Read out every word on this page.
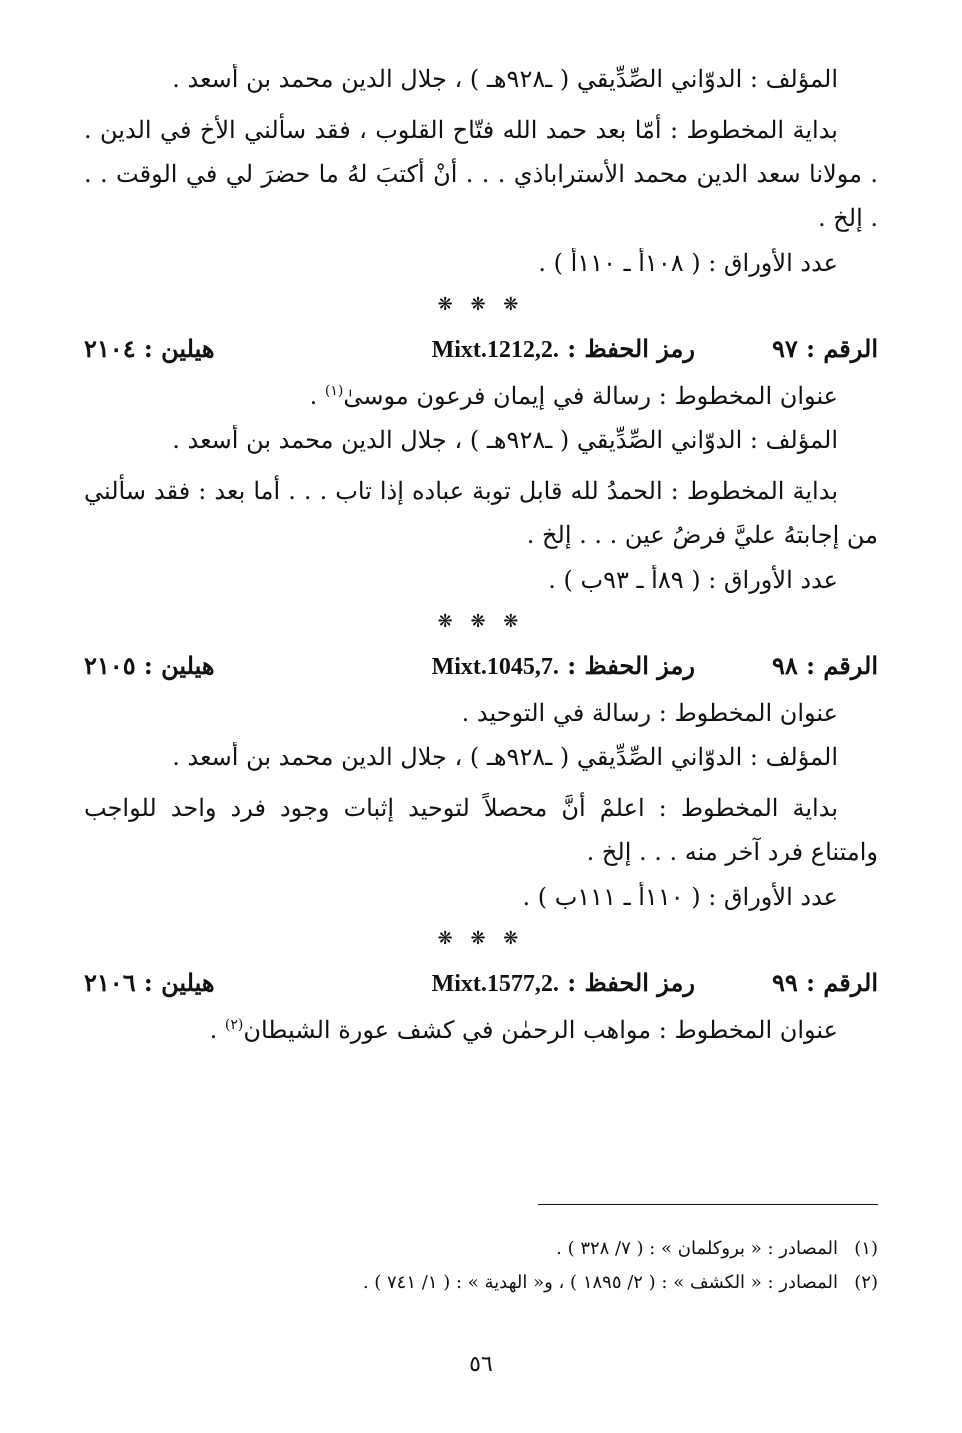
المؤلف : الدوّاني الصِّدِّيقي ( ـ٩٢٨هـ ) ، جلال الدين محمد بن أسعد .
بداية المخطوط : أمّا بعد حمد الله فتّاح القلوب ، فقد سألني الأخ في الدين . . مولانا سعد الدين محمد الأستراباذي . . . أنْ أكتبَ لهُ ما حضرَ لي في الوقت . . . إلخ .
عدد الأوراق : ( ١٠٨أ ـ ١١٠أ ) .
❋ ❋ ❋
الرقم : ٩٧
رمز الحفظ : Mixt.1212,2.
هيلين : ٢١٠٤
عنوان المخطوط : رسالة في إيمان فرعون موسىٰ$^{(١)}$ .
المؤلف : الدوّاني الصِّدِّيقي ( ـ٩٢٨هـ ) ، جلال الدين محمد بن أسعد .
بداية المخطوط : الحمدُ لله قابل توبة عباده إذا تاب . . . أما بعد : فقد سألني من إجابتهُ عليَّ فرضُ عين . . . إلخ .
عدد الأوراق : ( ٨٩أ ـ ٩٣ب ) .
❋ ❋ ❋
الرقم : ٩٨
رمز الحفظ : Mixt.1045,7.
هيلين : ٢١٠٥
عنوان المخطوط : رسالة في التوحيد .
المؤلف : الدوّاني الصِّدِّيقي ( ـ٩٢٨هـ ) ، جلال الدين محمد بن أسعد .
بداية المخطوط : اعلمْ أنَّ محصلاً لتوحيد إثبات وجود فرد واحد للواجب وامتناع فرد آخر منه . . . إلخ .
عدد الأوراق : ( ١١٠أ ـ ١١١ب ) .
❋ ❋ ❋
الرقم : ٩٩
رمز الحفظ : Mixt.1577,2.
هيلين : ٢١٠٦
عنوان المخطوط : مواهب الرحمٰن في كشف عورة الشيطان$^{(٢)}$ .
(١)المصادر : « بروكلمان » : ( ٧/ ٣٢٨ ) .
(٢)المصادر : « الكشف » : ( ٢/ ١٨٩٥ ) ، و« الهدية » : ( ١/ ٧٤١ ) .
٥٦
